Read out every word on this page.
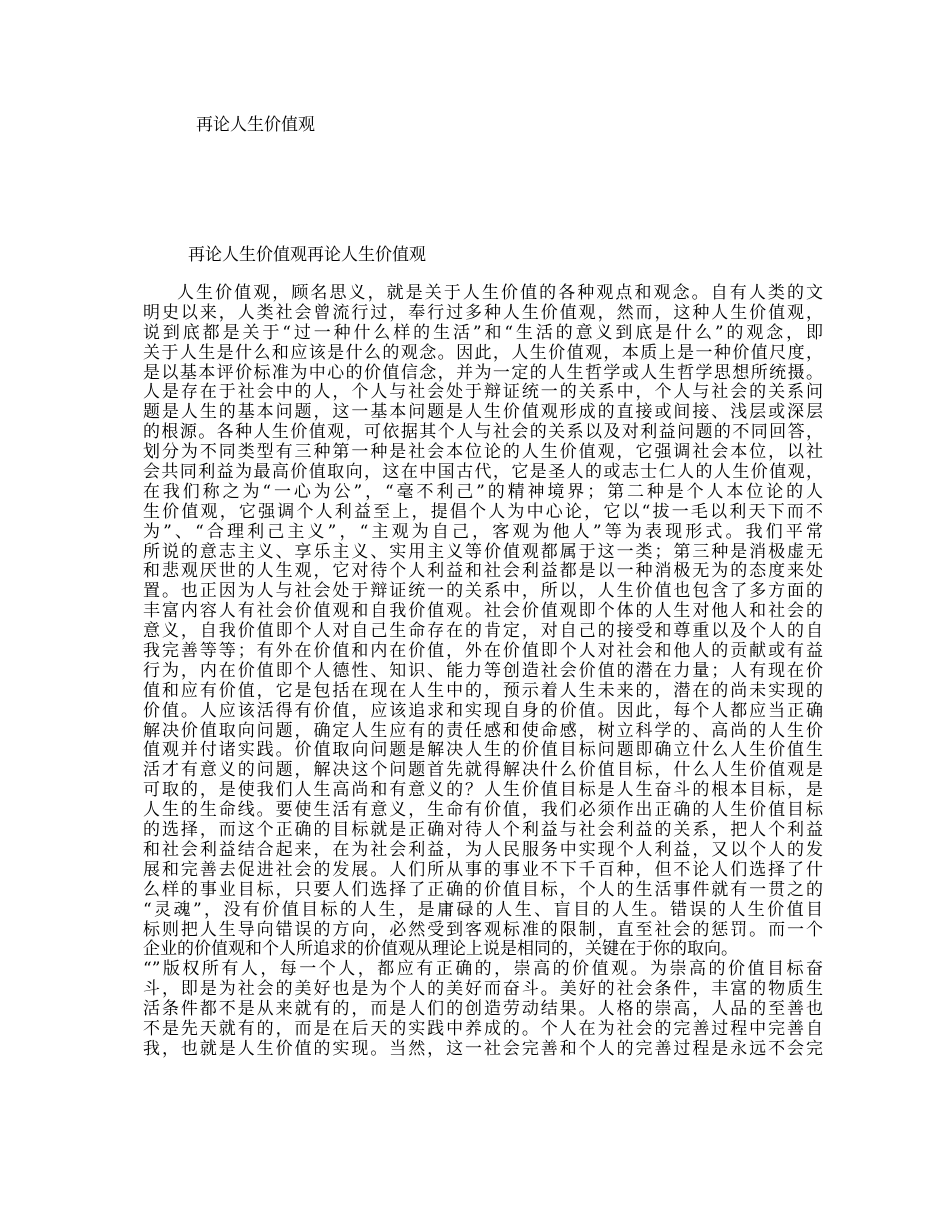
再论人生价值观
再论人生价值观再论人生价值观
人生价值观，顾名思义，就是关于人生价值的各种观点和观念。自有人类的文
明史以来，人类社会曾流行过，奉行过多种人生价值观，然而，这种人生价值观，
说到底都是关于“过一种什么样的生活”和“生活的意义到底是什么”的观念，即
关于人生是什么和应该是什么的观念。因此，人生价值观，本质上是一种价值尺度，
是以基本评价标准为中心的价值信念，并为一定的人生哲学或人生哲学思想所统摄。
人是存在于社会中的人，个人与社会处于辩证统一的关系中，个人与社会的关系问
题是人生的基本问题，这一基本问题是人生价值观形成的直接或间接、浅层或深层
的根源。各种人生价值观，可依据其个人与社会的关系以及对利益问题的不同回答，
划分为不同类型有三种第一种是社会本位论的人生价值观，它强调社会本位，以社
会共同利益为最高价值取向，这在中国古代，它是圣人的或志士仁人的人生价值观，
在我们称之为“一心为公”，“毫不利己”的精神境界；第二种是个人本位论的人
生价值观，它强调个人利益至上，提倡个人为中心论，它以“拔一毛以利天下而不
为”、“合理利己主义”，“主观为自己，客观为他人”等为表现形式。我们平常
所说的意志主义、享乐主义、实用主义等价值观都属于这一类；第三种是消极虚无
和悲观厌世的人生观，它对待个人利益和社会利益都是以一种消极无为的态度来处
置。也正因为人与社会处于辩证统一的关系中，所以，人生价值也包含了多方面的
丰富内容人有社会价值观和自我价值观。社会价值观即个体的人生对他人和社会的
意义，自我价值即个人对自己生命存在的肯定，对自己的接受和尊重以及个人的自
我完善等等；有外在价值和内在价值，外在价值即个人对社会和他人的贡献或有益
行为，内在价值即个人德性、知识、能力等创造社会价值的潜在力量；人有现在价
值和应有价值，它是包括在现在人生中的，预示着人生未来的，潜在的尚未实现的
价值。人应该活得有价值，应该追求和实现自身的价值。因此，每个人都应当正确
解决价值取向问题，确定人生应有的责任感和使命感，树立科学的、高尚的人生价
值观并付诸实践。价值取向问题是解决人生的价值目标问题即确立什么人生价值生
活才有意义的问题，解决这个问题首先就得解决什么价值目标，什么人生价值观是
可取的，是使我们人生高尚和有意义的？人生价值目标是人生奋斗的根本目标，是
人生的生命线。要使生活有意义，生命有价值，我们必须作出正确的人生价值目标
的选择，而这个正确的目标就是正确对待人个利益与社会利益的关系，把人个利益
和社会利益结合起来，在为社会利益，为人民服务中实现个人利益，又以个人的发
展和完善去促进社会的发展。人们所从事的事业不下千百种，但不论人们选择了什
么样的事业目标，只要人们选择了正确的价值目标，个人的生活事件就有一贯之的
“灵魂”，没有价值目标的人生，是庸碌的人生、盲目的人生。错误的人生价值目
标则把人生导向错误的方向，必然受到客观标准的限制，直至社会的惩罚。而一个
企业的价值观和个人所追求的价值观从理论上说是相同的，关键在于你的取向。
“”版权所有人，每一个人，都应有正确的，崇高的价值观。为崇高的价值目标奋
斗，即是为社会的美好也是为个人的美好而奋斗。美好的社会条件，丰富的物质生
活条件都不是从来就有的，而是人们的创造劳动结果。人格的崇高，人品的至善也
不是先天就有的，而是在后天的实践中养成的。个人在为社会的完善过程中完善自
我，也就是人生价值的实现。当然，这一社会完善和个人的完善过程是永远不会完
